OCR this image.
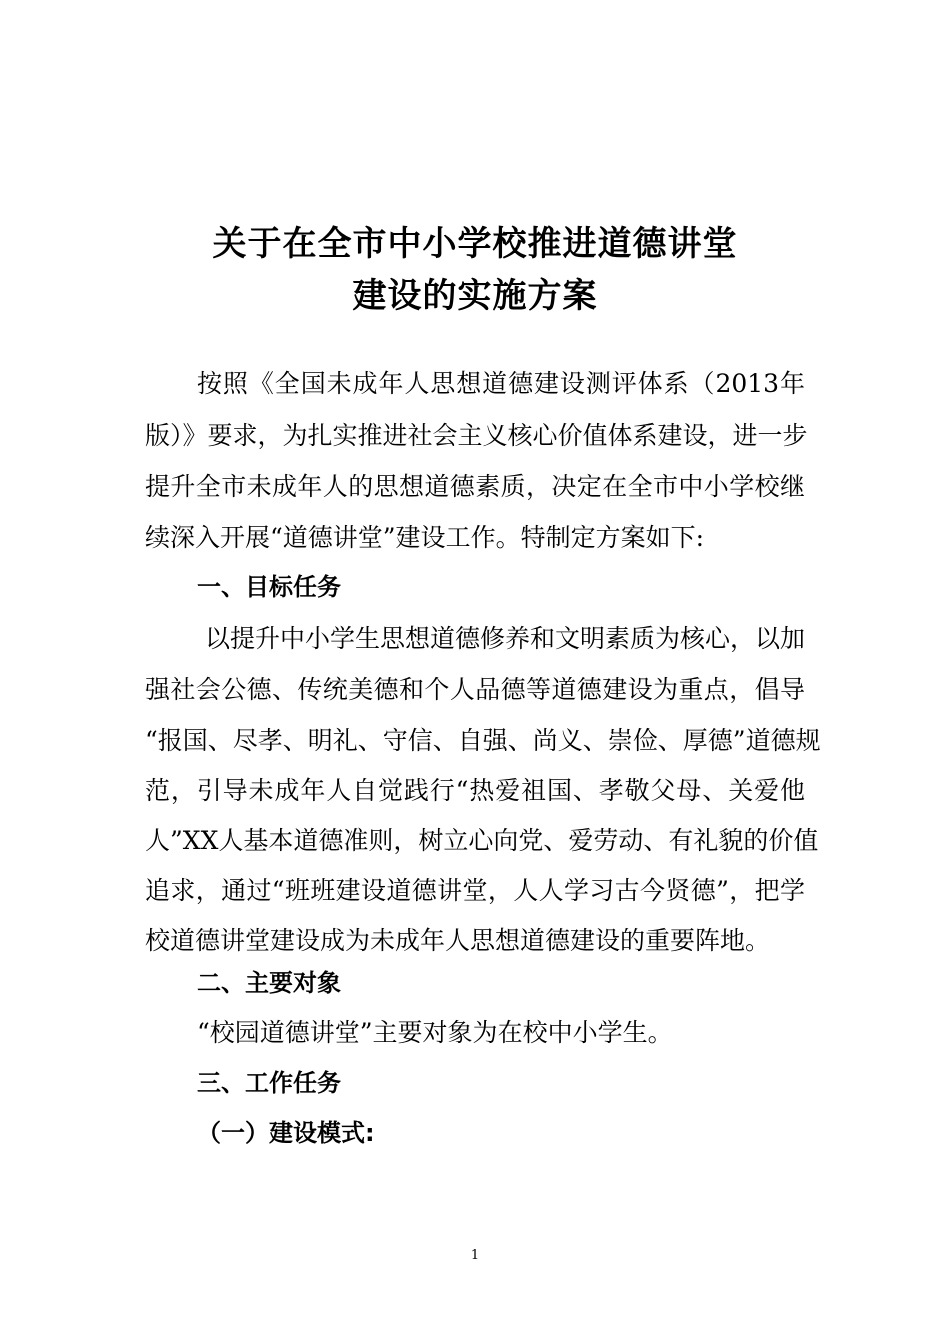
关于在全市中小学校推进道德讲堂
建设的实施方案
按照《全国未成年人思想道德建设测评体系（2013年
版）》要求，为扎实推进社会主义核心价值体系建设，进一步
提升全市未成年人的思想道德素质，决定在全市中小学校继
续深入开展“道德讲堂”建设工作。特制定方案如下:
一、目标任务
以提升中小学生思想道德修养和文明素质为核心，以加
强社会公德、传统美德和个人品德等道德建设为重点，倡导
“报国、尽孝、明礼、守信、自强、尚义、崇俭、厚德”道德规
范，引导未成年人自觉践行“热爱祖国、孝敬父母、关爱他
人”XX人基本道德准则，树立心向党、爱劳动、有礼貌的价值
追求，通过“班班建设道德讲堂，人人学习古今贤德”，把学
校道德讲堂建设成为未成年人思想道德建设的重要阵地。
二、主要对象
“校园道德讲堂”主要对象为在校中小学生。
三、工作任务
（一）建设模式:
1
